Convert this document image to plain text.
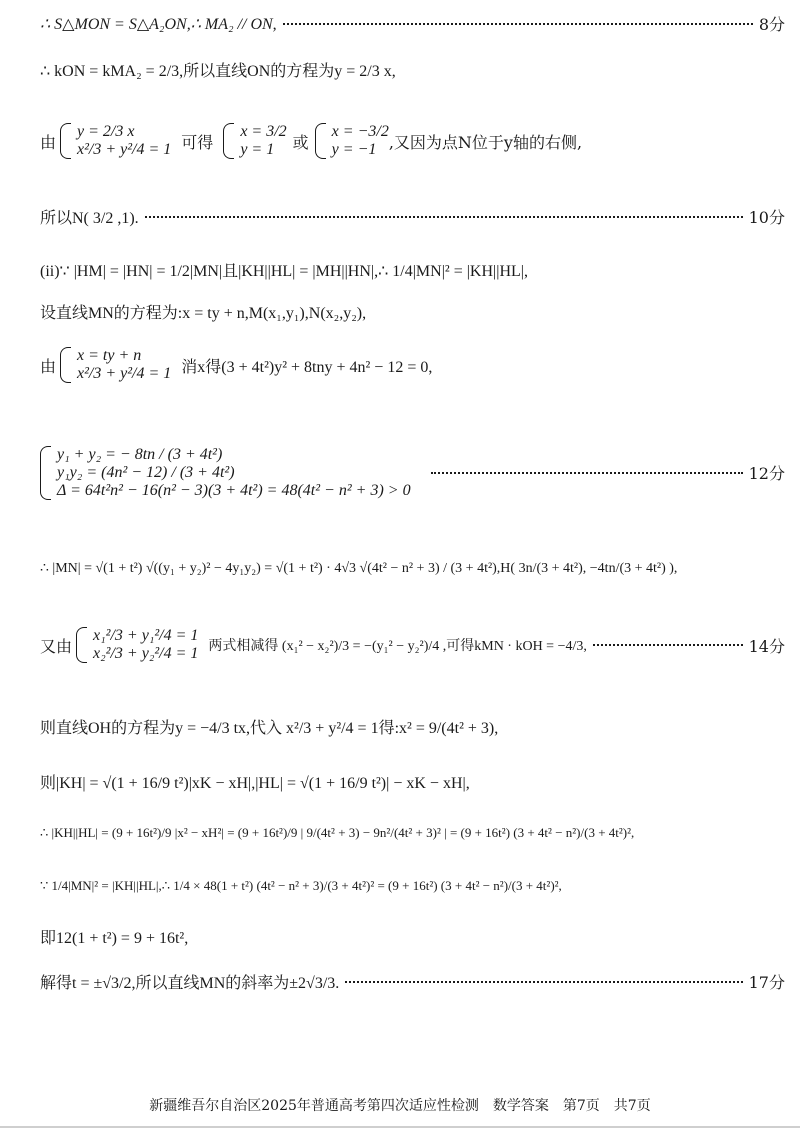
∴ S△MON = S△A₂ON,∴ MA₂ // ON,	8分
∴ kON = kMA₂ = 2/3,所以直线ON的方程为y = 2/3 x,
由
y = 2/3 x
x²/3 + y²/4 = 1 可得
x = 3/2
y = 1	或
x = −3/2
y = −1 ,又因为点N位于y轴的右侧,
所以N( 3/2 ,1).	10分
(ii)∵ |HM| = |HN| = 1/2|MN|且|KH||HL| = |MH||HN|,∴ 1/4|MN|² = |KH||HL|,
设直线MN的方程为:x = ty + n,M(x₁,y₁),N(x₂,y₂),
由
x = ty + n
x²/3 + y²/4 = 1 消x得(3 + 4t²)y² + 8tny + 4n² − 12 = 0,
y₁ + y₂ = − 8tn / (3 + 4t²)
y₁y₂ = (4n² − 12) / (3 + 4t²)
Δ = 64t²n² − 16(n² − 3)(3 + 4t²) = 48(4t² − n² + 3) > 0
12分
∴ |MN| = √(1 + t²) √((y₁ + y₂)² − 4y₁y₂) = √(1 + t²) · 4√3 √(4t² − n² + 3) / (3 + 4t²),H( 3n/(3 + 4t²), −4tn/(3 + 4t²) ),
又由
x₁²/3 + y₁²/4 = 1
x₂²/3 + y₂²/4 = 1 两式相减得 (x₁² − x₂²)/3 = −(y₁² − y₂²)/4 ,可得kMN · kOH = −4/3,	14分
则直线OH的方程为y = −4/3 tx,代入 x²/3 + y²/4 = 1得:x² = 9/(4t² + 3),
则|KH| = √(1 + 16/9 t²)|xK − xH|,|HL| = √(1 + 16/9 t²)| − xK − xH|,
∴ |KH||HL| = (9 + 16t²)/9 |x² − xH²| = (9 + 16t²)/9 | 9/(4t² + 3) − 9n²/(4t² + 3)² | = (9 + 16t²) (3 + 4t² − n²)/(3 + 4t²)²,
∵ 1/4|MN|² = |KH||HL|,∴ 1/4 × 48(1 + t²) (4t² − n² + 3)/(3 + 4t²)² = (9 + 16t²) (3 + 4t² − n²)/(3 + 4t²)²,
即12(1 + t²) = 9 + 16t²,
解得t = ±√3/2,所以直线MN的斜率为±2√3/3.	17分
新疆维吾尔自治区2025年普通高考第四次适应性检测　数学答案　第7页　共7页
